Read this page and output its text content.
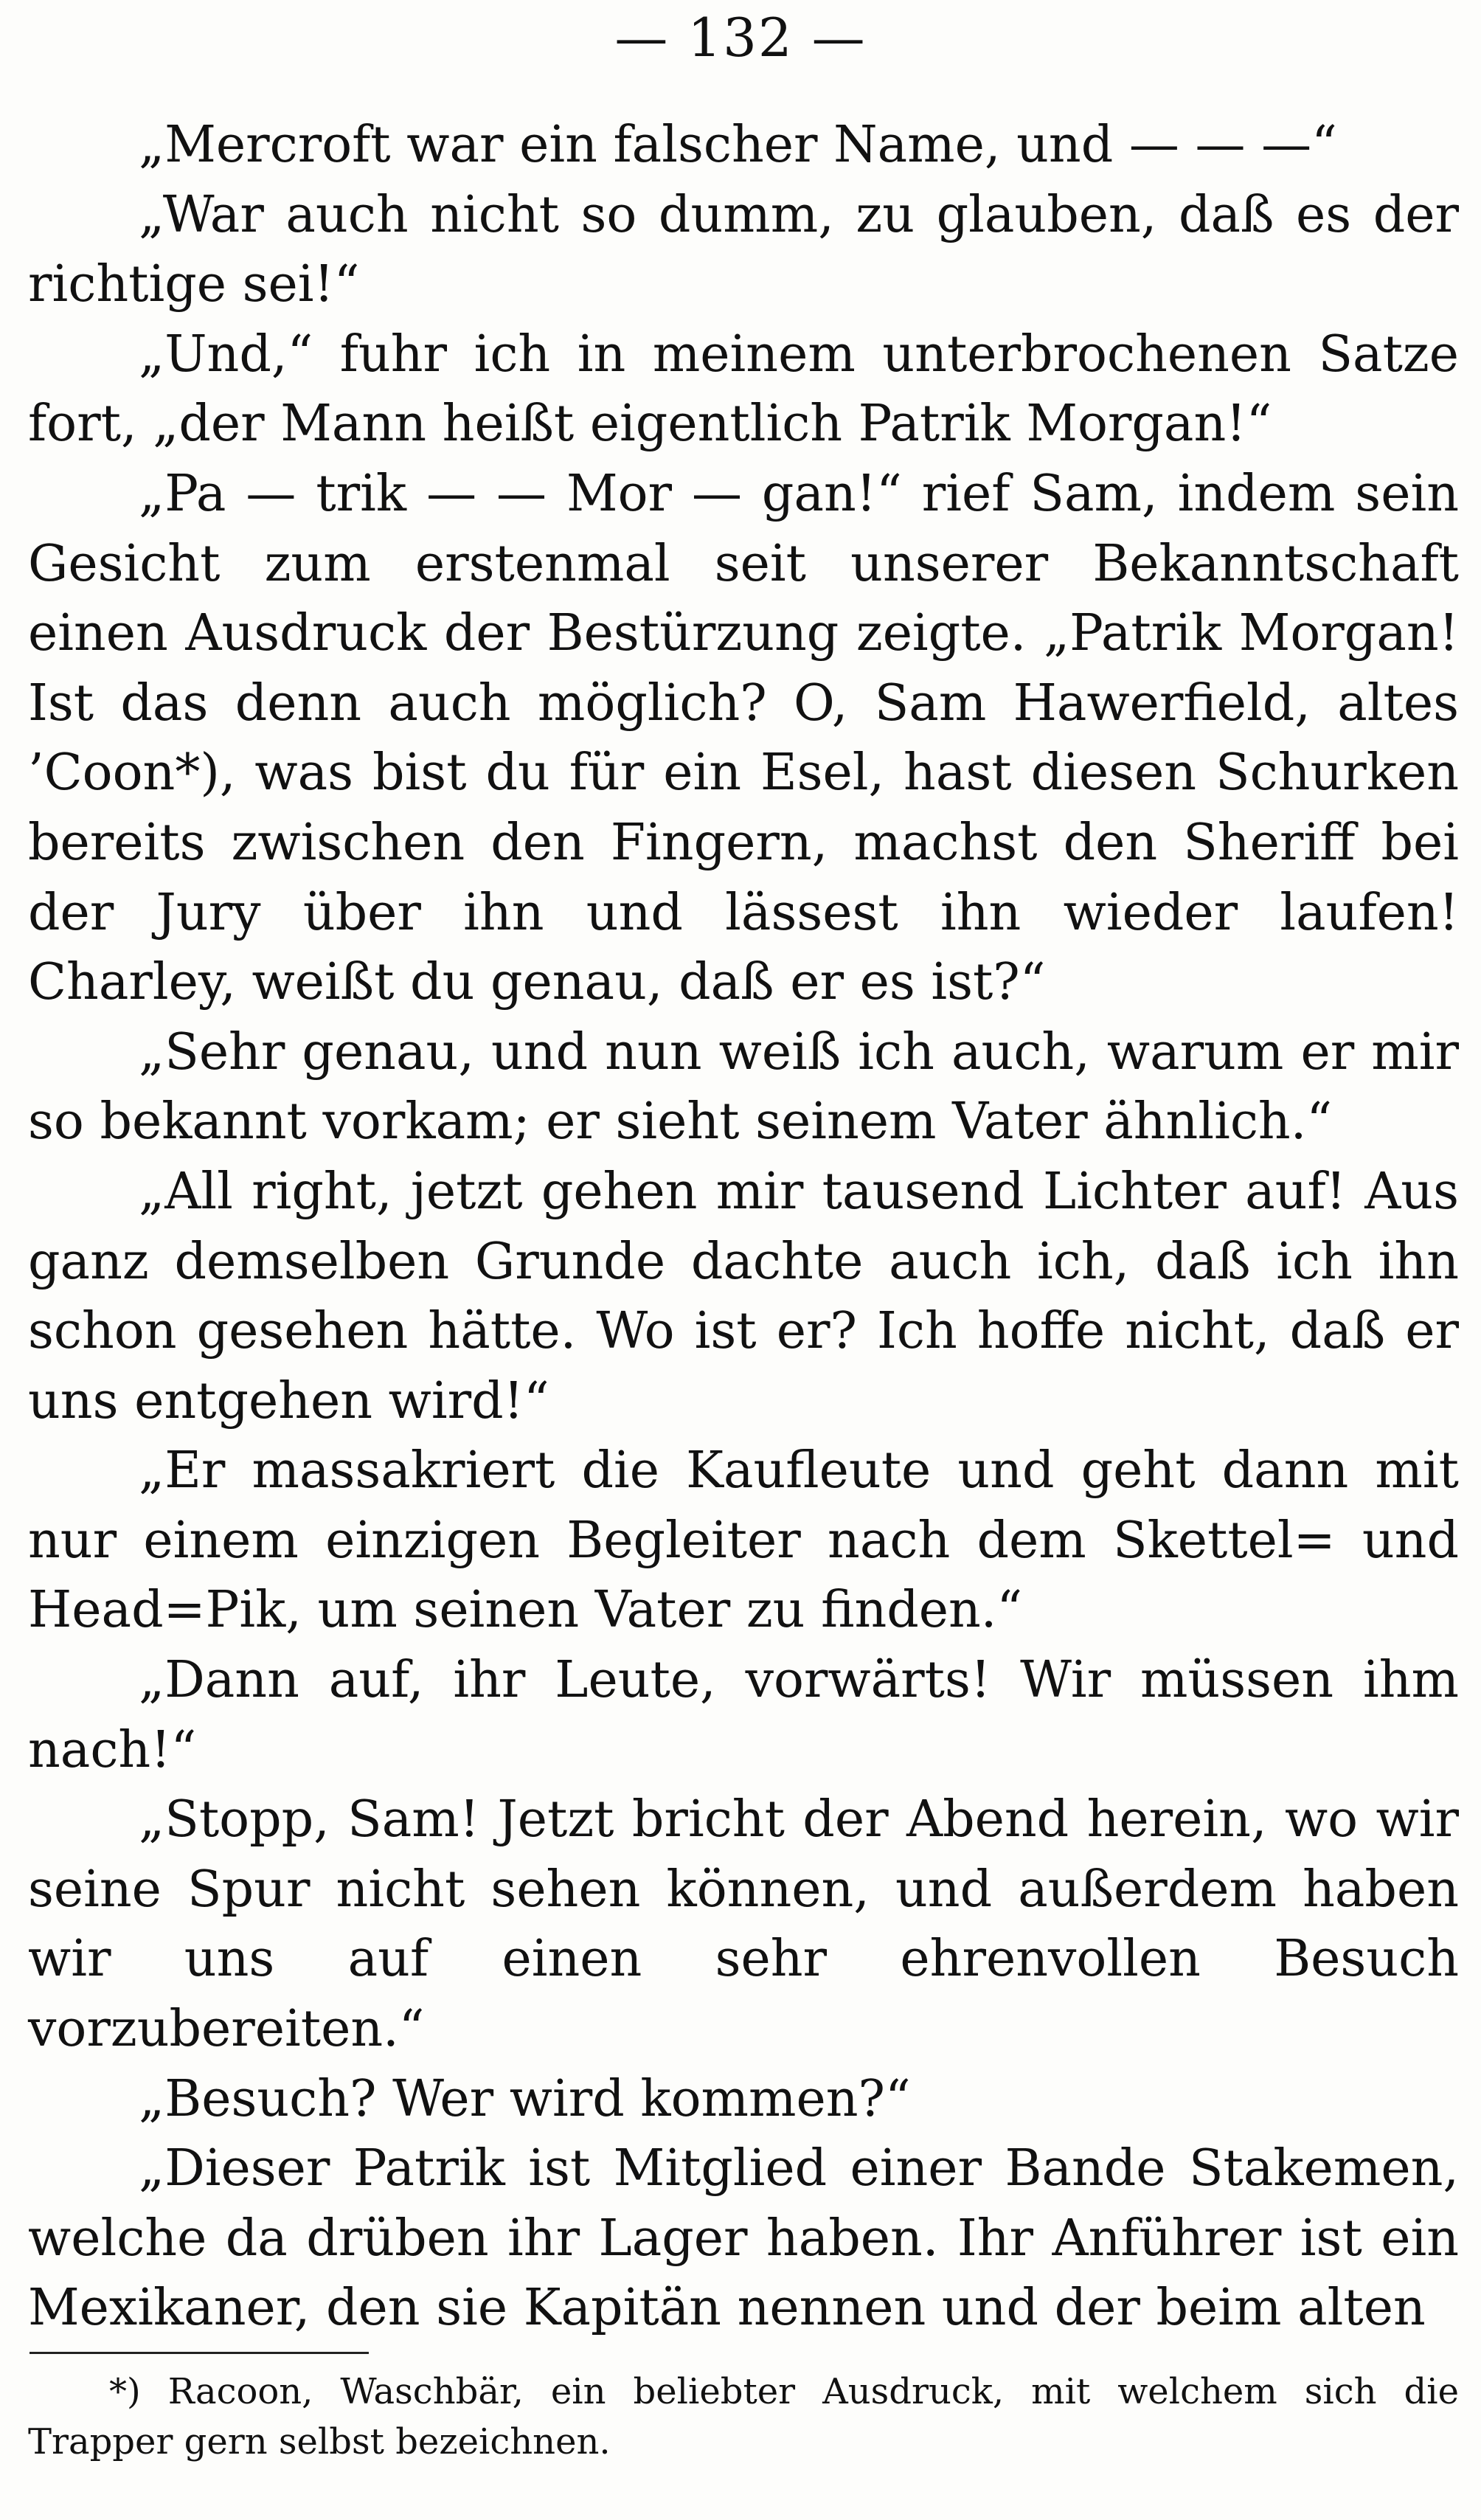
— 132 —

„Mercroft war ein falscher Name, und — — —“

„War auch nicht so dumm, zu glauben, daß es der richtige sei!“

„Und,“ fuhr ich in meinem unterbrochenen Satze fort, „der Mann heißt eigentlich Patrik Morgan!“

„Pa — trik — — Mor — gan!“ rief Sam, indem sein Gesicht zum erstenmal seit unserer Bekanntschaft einen Ausdruck der Bestürzung zeigte. „Patrik Morgan! Ist das denn auch möglich? O, Sam Hawerfield, altes ’Coon*), was bist du für ein Esel, hast diesen Schurken bereits zwischen den Fingern, machst den Sheriff bei der Jury über ihn und lässest ihn wieder laufen! Charley, weißt du genau, daß er es ist?“

„Sehr genau, und nun weiß ich auch, warum er mir so bekannt vorkam; er sieht seinem Vater ähnlich.“

„All right, jetzt gehen mir tausend Lichter auf! Aus ganz demselben Grunde dachte auch ich, daß ich ihn schon gesehen hätte. Wo ist er? Ich hoffe nicht, daß er uns entgehen wird!“

„Er massakriert die Kaufleute und geht dann mit nur einem einzigen Begleiter nach dem Skettel= und Head=Pik, um seinen Vater zu finden.“

„Dann auf, ihr Leute, vorwärts! Wir müssen ihm nach!“

„Stopp, Sam! Jetzt bricht der Abend herein, wo wir seine Spur nicht sehen können, und außerdem haben wir uns auf einen sehr ehrenvollen Besuch vorzubereiten.“

„Besuch? Wer wird kommen?“

„Dieser Patrik ist Mitglied einer Bande Stakemen, welche da drüben ihr Lager haben. Ihr Anführer ist ein Mexikaner, den sie Kapitän nennen und der beim alten

*) Racoon, Waschbär, ein beliebter Ausdruck, mit welchem sich die Trapper gern selbst bezeichnen.
